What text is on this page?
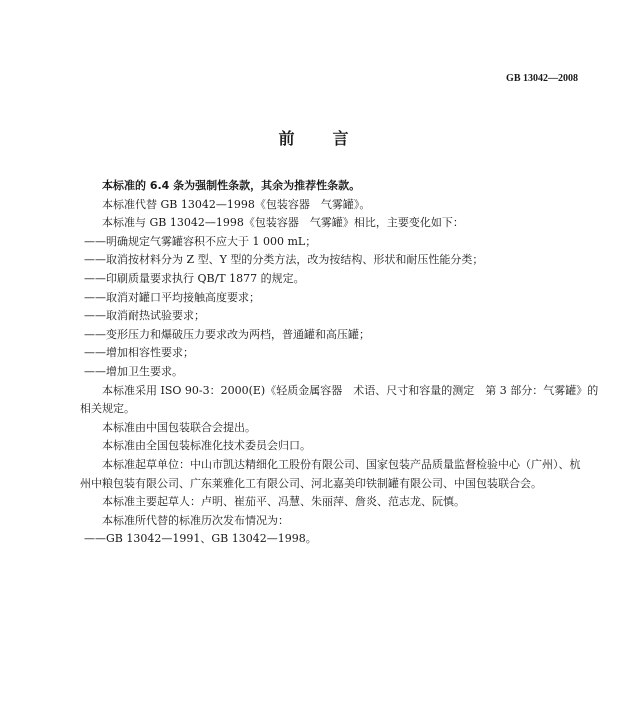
GB 13042—2008
前　　言

本标准的 6.4 条为强制性条款，其余为推荐性条款。

本标准代替 GB 13042—1998《包装容器　气雾罐》。

本标准与 GB 13042—1998《包装容器　气雾罐》相比，主要变化如下：

——明确规定气雾罐容积不应大于 1 000 mL；

——取消按材料分为 Z 型、Y 型的分类方法，改为按结构、形状和耐压性能分类；

——印刷质量要求执行 QB/T 1877 的规定。

——取消对罐口平均接触高度要求；

——取消耐热试验要求；

——变形压力和爆破压力要求改为两档，普通罐和高压罐；

——增加相容性要求；

——增加卫生要求。

本标准采用 ISO 90-3：2000(E)《轻质金属容器　术语、尺寸和容量的测定　第 3 部分：气雾罐》的

相关规定。

本标准由中国包装联合会提出。

本标准由全国包装标准化技术委员会归口。

本标准起草单位：中山市凯达精细化工股份有限公司、国家包装产品质量监督检验中心（广州）、杭

州中粮包装有限公司、广东莱雅化工有限公司、河北嘉美印铁制罐有限公司、中国包装联合会。

本标准主要起草人：卢明、崔茄平、冯慧、朱丽萍、詹炎、范志龙、阮慎。

本标准所代替的标准历次发布情况为：

——GB 13042—1991、GB 13042—1998。
